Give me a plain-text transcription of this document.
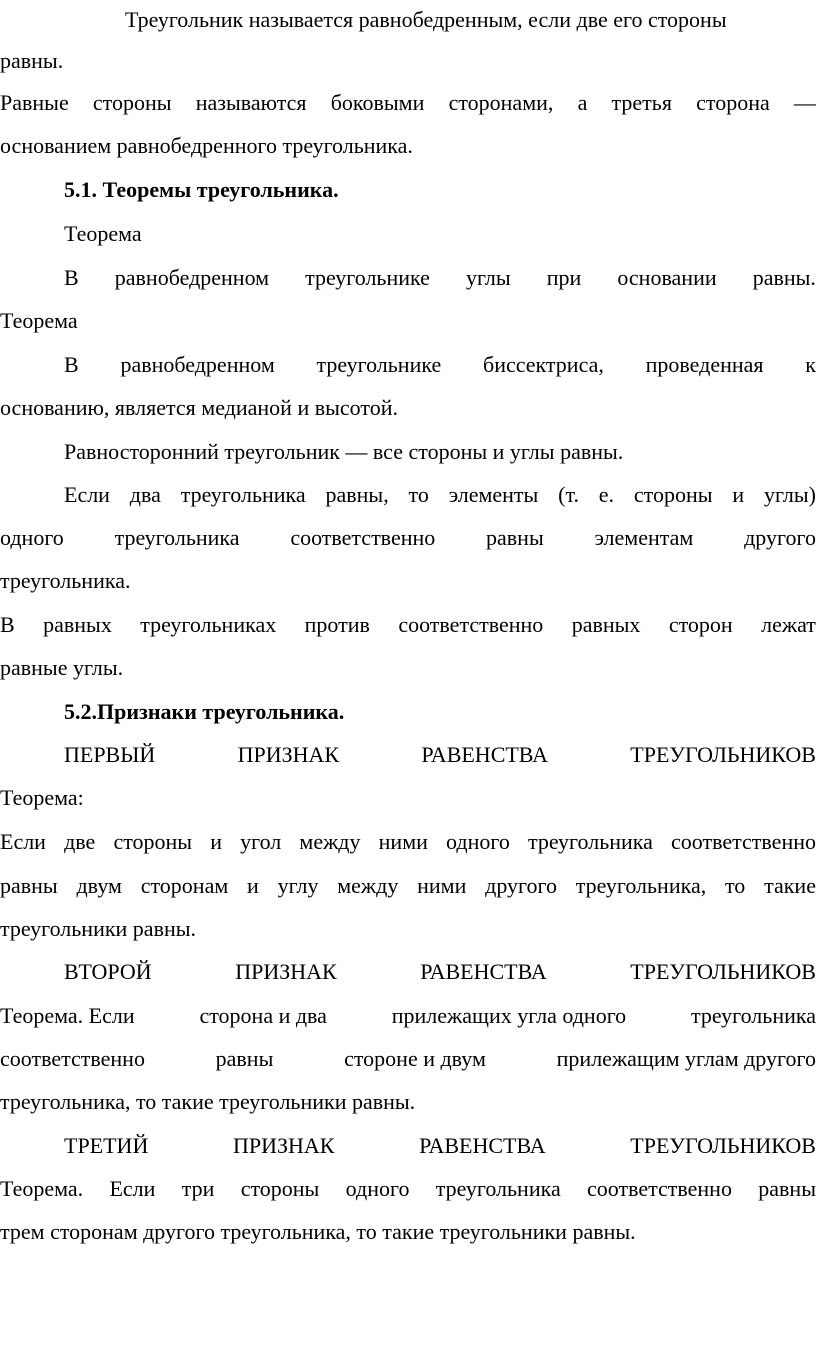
Треугольник называется равнобедренным, если две его стороны
равны.
Равные стороны называются боковыми сторонами, а третья сторона —
основанием равнобедренного треугольника.
5.1. Теоремы треугольника.
Теорема
В равнобедренном треугольнике углы при основании равны.
Теорема
В равнобедренном треугольнике биссектриса, проведенная к
основанию, является медианой и высотой.
Равносторонний треугольник — все стороны и углы равны.
Если два треугольника равны, то элементы (т. е. стороны и углы)
одного треугольника соответственно равны элементам другого
треугольника.
В равных треугольниках против соответственно равных сторон лежат
равные углы.
5.2.Признаки треугольника.
ПЕРВЫЙ	ПРИЗНАК	РАВЕНСТВА	ТРЕУГОЛЬНИКОВ
Теорема:
Если две стороны и угол между ними одного треугольника соответственно
равны двум сторонам и углу между ними другого треугольника, то такие
треугольники равны.
ВТОРОЙ	ПРИЗНАК	РАВЕНСТВА	ТРЕУГОЛЬНИКОВ
Теорема. Если	сторона и два	прилежащих угла одного	треугольника
соответственно	равны	стороне и двум	прилежащим углам другого
треугольника, то такие треугольники равны.
ТРЕТИЙ	ПРИЗНАК	РАВЕНСТВА	ТРЕУГОЛЬНИКОВ
Теорема. Если три стороны одного треугольника соответственно равны
трем сторонам другого треугольника, то такие треугольники равны.
